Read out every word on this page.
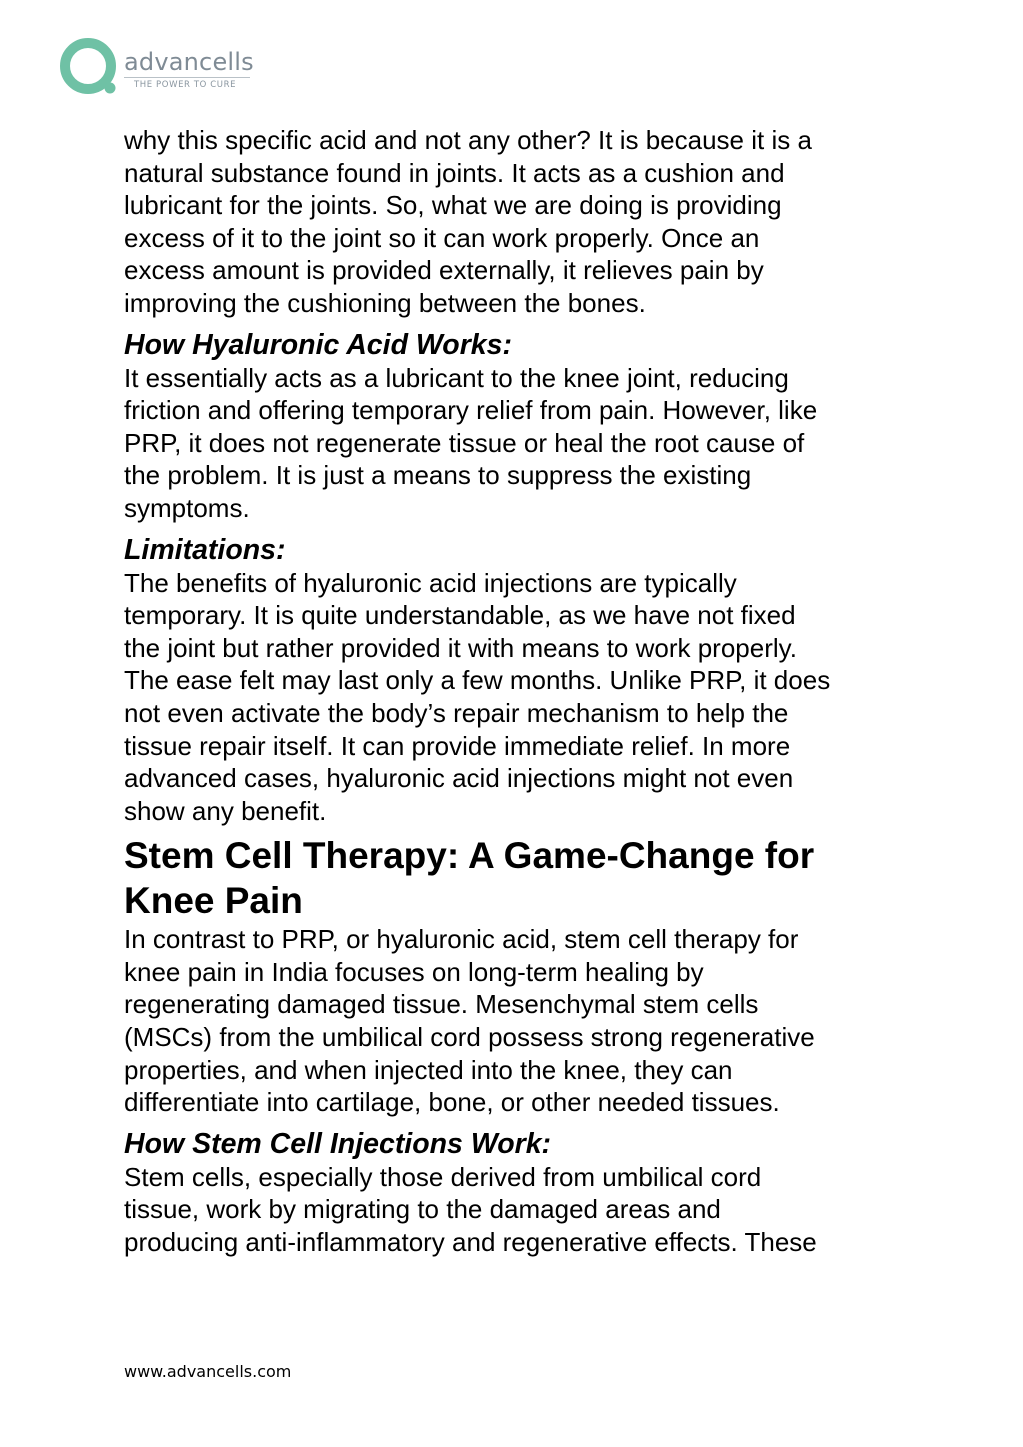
advancells
THE POWER TO CURE

why this specific acid and not any other? It is because it is a
natural substance found in joints. It acts as a cushion and
lubricant for the joints. So, what we are doing is providing
excess of it to the joint so it can work properly. Once an
excess amount is provided externally, it relieves pain by
improving the cushioning between the bones.

How Hyaluronic Acid Works:

It essentially acts as a lubricant to the knee joint, reducing
friction and offering temporary relief from pain. However, like
PRP, it does not regenerate tissue or heal the root cause of
the problem. It is just a means to suppress the existing
symptoms.

Limitations:

The benefits of hyaluronic acid injections are typically
temporary. It is quite understandable, as we have not fixed
the joint but rather provided it with means to work properly.
The ease felt may last only a few months. Unlike PRP, it does
not even activate the body’s repair mechanism to help the
tissue repair itself. It can provide immediate relief. In more
advanced cases, hyaluronic acid injections might not even
show any benefit.

Stem Cell Therapy: A Game-Change for
Knee Pain

In contrast to PRP, or hyaluronic acid, stem cell therapy for
knee pain in India focuses on long-term healing by
regenerating damaged tissue. Mesenchymal stem cells
(MSCs) from the umbilical cord possess strong regenerative
properties, and when injected into the knee, they can
differentiate into cartilage, bone, or other needed tissues.

How Stem Cell Injections Work:

Stem cells, especially those derived from umbilical cord
tissue, work by migrating to the damaged areas and
producing anti-inflammatory and regenerative effects. These

www.advancells.com
